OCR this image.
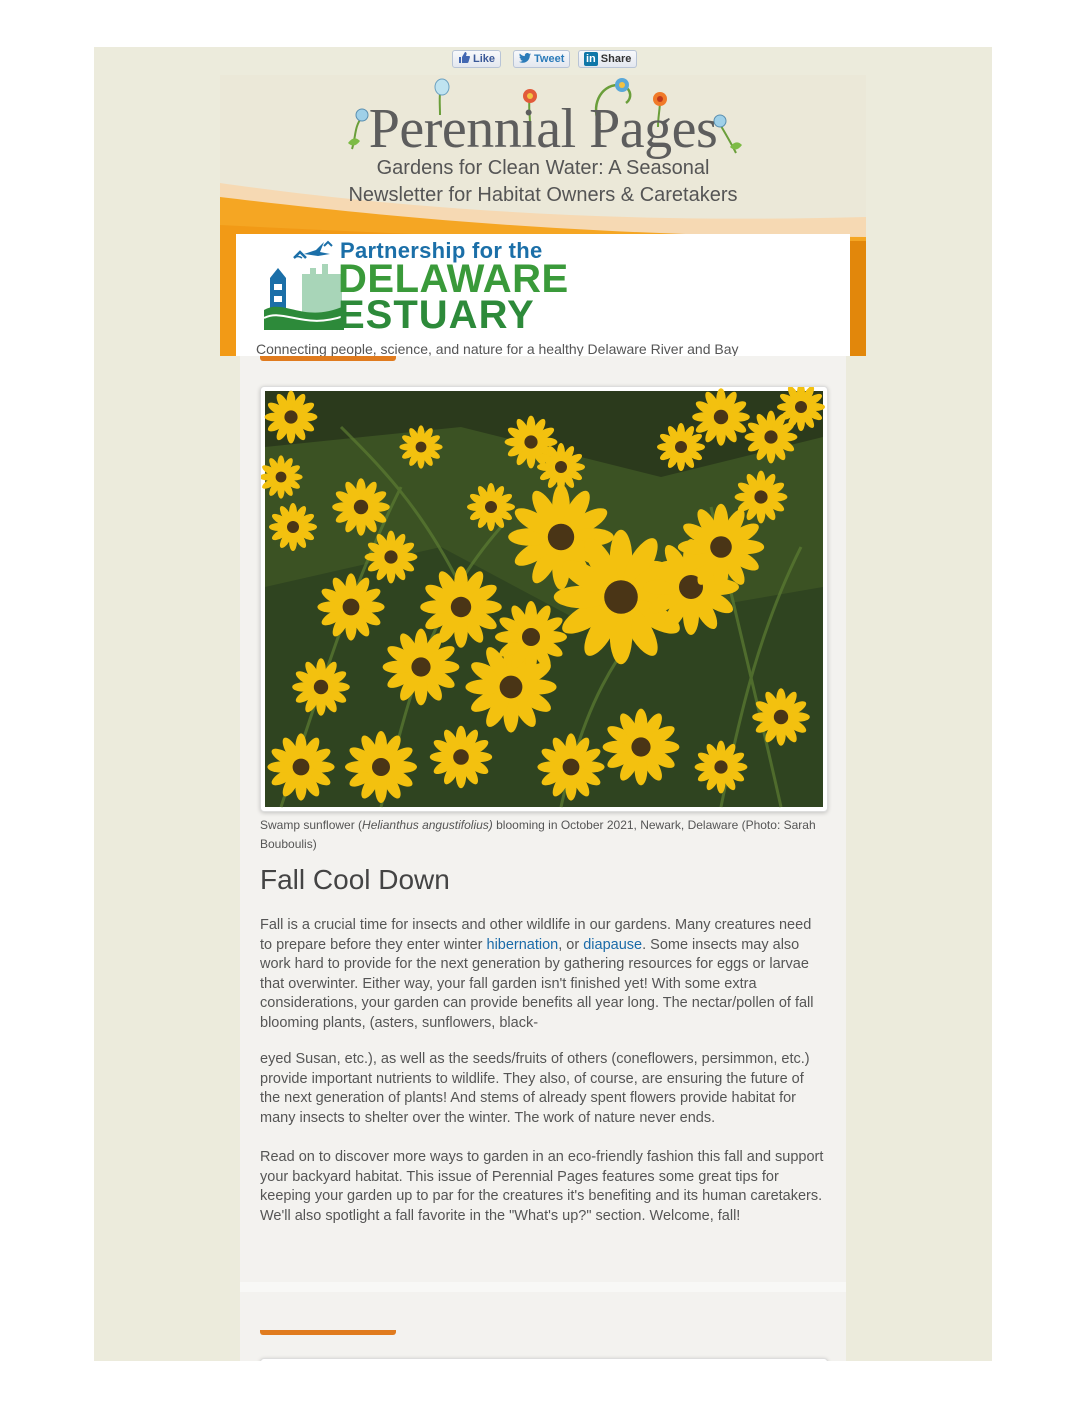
Like	Tweet in Share
Perennial Pages
Gardens for Clean Water: A Seasonal
Newsletter for Habitat Owners & Caretakers
Partnership for the
DELAWARE
ESTUARY
Connecting people, science, and nature for a healthy Delaware River and Bay
Swamp sunflower (Helianthus angustifolius) blooming in October 2021, Newark, Delaware (Photo: Sarah Bouboulis)
Fall Cool Down
Fall is a crucial time for insects and other wildlife in our gardens. Many creatures need to prepare before they enter winter hibernation, or diapause. Some insects may also work hard to provide for the next generation by gathering resources for eggs or larvae that overwinter. Either way, your fall garden isn't finished yet! With some extra considerations, your garden can provide benefits all year long. The nectar/pollen of fall blooming plants, (asters, sunflowers, black-
eyed Susan, etc.), as well as the seeds/fruits of others (coneflowers, persimmon, etc.) provide important nutrients to wildlife. They also, of course, are ensuring the future of the next generation of plants! And stems of already spent flowers provide habitat for many insects to shelter over the winter. The work of nature never ends.
Read on to discover more ways to garden in an eco-friendly fashion this fall and support your backyard habitat. This issue of Perennial Pages features some great tips for keeping your garden up to par for the creatures it's benefiting and its human caretakers. We'll also spotlight a fall favorite in the "What's up?" section. Welcome, fall!
